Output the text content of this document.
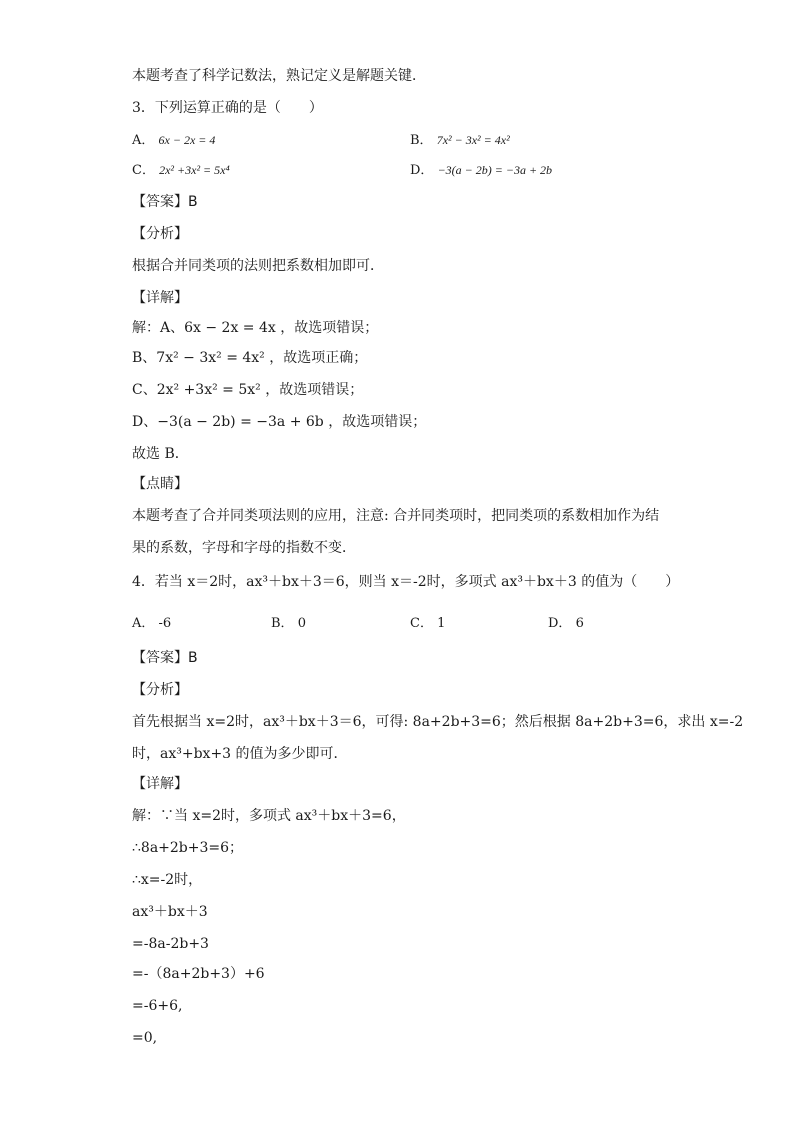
本题考查了科学记数法，熟记定义是解题关键．
3．下列运算正确的是（　　）
A． 6x − 2x = 4	B． 7x² − 3x² = 4x²
C． 2x² +3x² = 5x⁴	D． −3(a − 2b) = −3a + 2b
【答案】B
【分析】
根据合并同类项的法则把系数相加即可．
【详解】
解：A、6x − 2x = 4x ，故选项错误；
B、7x² − 3x² = 4x² ，故选项正确；
C、2x² +3x² = 5x² ，故选项错误；
D、−3(a − 2b) = −3a + 6b ，故选项错误；
故选 B．
【点睛】
本题考查了合并同类项法则的应用，注意: 合并同类项时，把同类项的系数相加作为结
果的系数，字母和字母的指数不变．
4．若当 x＝2时，ax³＋bx＋3＝6，则当 x＝-2时，多项式 ax³＋bx＋3 的值为（　　）
A． -6	B． 0	C． 1	D． 6
【答案】B
【分析】
首先根据当 x=2时，ax³＋bx＋3＝6，可得: 8a+2b+3=6；然后根据 8a+2b+3=6，求出 x=-2
时，ax³+bx+3 的值为多少即可．
【详解】
解：∵当 x=2时，多项式 ax³＋bx＋3=6，
∴8a+2b+3=6；
∴x=-2时，
ax³＋bx＋3
=-8a-2b+3
=-（8a+2b+3）+6
=-6+6,
=0,
